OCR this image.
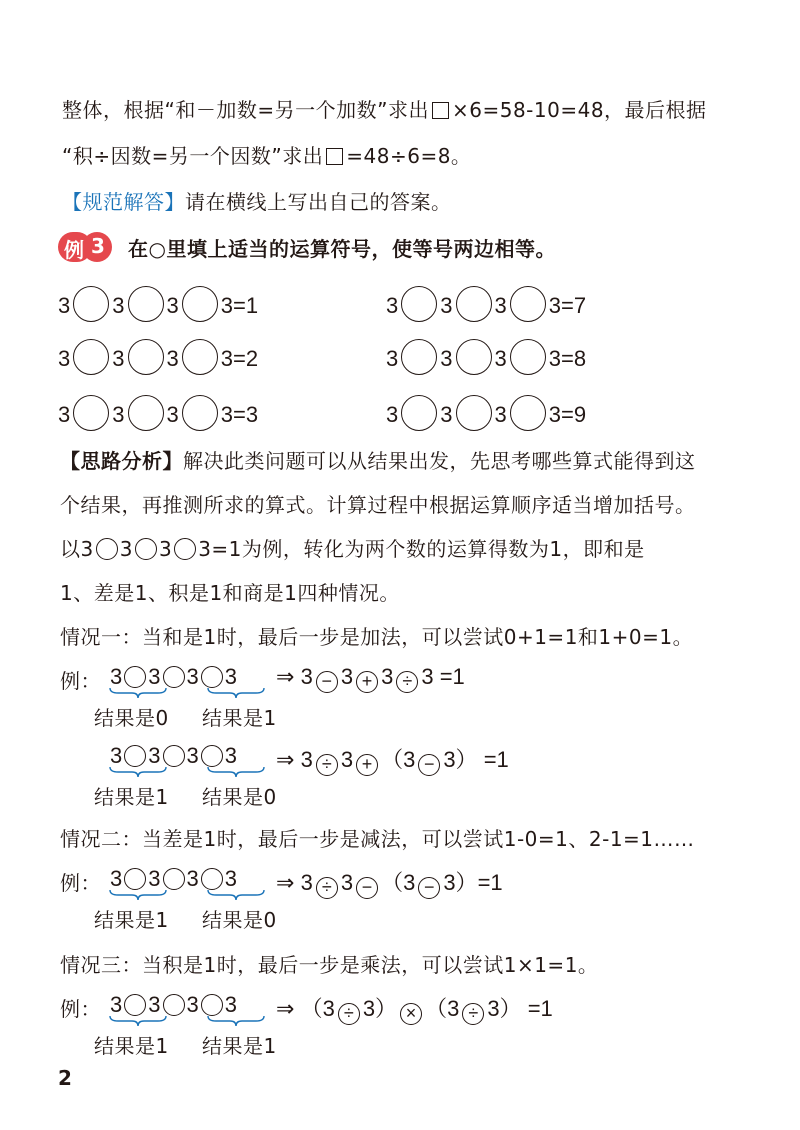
整体，根据“和－加数=另一个加数”求出 ×6=58-10=48，最后根据
“积÷因数=另一个因数”求出 =48÷6=8。
【规范解答】请在横线上写出自己的答案。
例 3 在○里填上适当的运算符号，使等号两边相等。
3 3 3 3=1
3 3 3 3=2
3 3 3 3=3
3 3 3 3=7
3 3 3 3=8
3 3 3 3=9
【思路分析】解决此类问题可以从结果出发，先思考哪些算式能得到这
个结果，再推测所求的算式。计算过程中根据运算顺序适当增加括号。
以3 3 3 3=1为例，转化为两个数的运算得数为1，即和是
1、差是1、积是1和商是1四种情况。
情况一：当和是1时，最后一步是加法，可以尝试0+1=1和1+0=1。
例： 3 3 3 3 ⇒ 3 − 3 + 3 ÷ 3 =1
结果是0 结果是1
3 3 3 3 ⇒ 3 ÷ 3 + （3 − 3） =1
结果是1 结果是0
情况二：当差是1时，最后一步是减法，可以尝试1-0=1、2-1=1……
例： 3 3 3 3 ⇒ 3 ÷ 3 − （3 − 3）=1
结果是1 结果是0
情况三：当积是1时，最后一步是乘法，可以尝试1×1=1。
例： 3 3 3 3 ⇒ （3 ÷ 3） × （3 ÷ 3） =1
结果是1 结果是1
2
